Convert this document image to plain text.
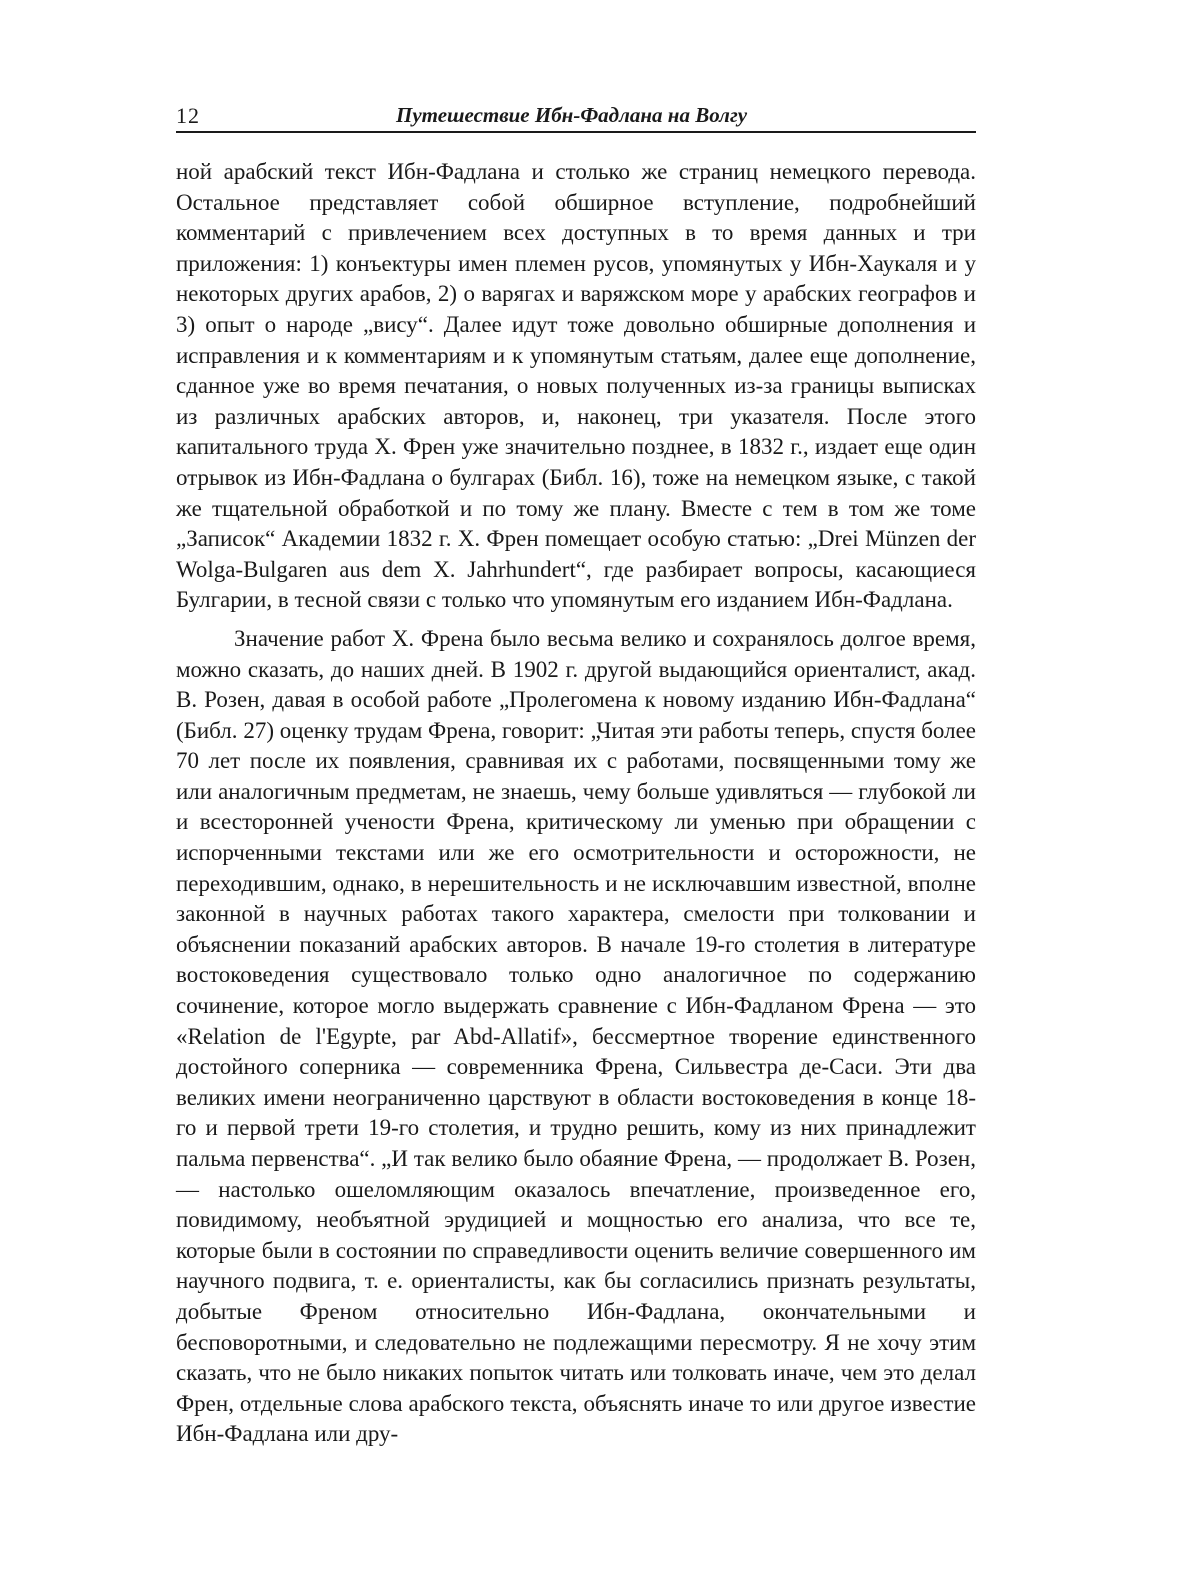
12	Путешествие Ибн-Фадлана на Волгу

ной арабский текст Ибн-Фадлана и столько же страниц немецкого перевода. Остальное представляет собой обширное вступление, подробнейший комментарий с привлечением всех доступных в то время данных и три приложения: 1) конъектуры имен племен русов, упомянутых у Ибн-Хаукаля и у некоторых других арабов, 2) о варягах и варяжском море у арабских географов и 3) опыт о народе „вису“. Далее идут тоже довольно обширные дополнения и исправления и к комментариям и к упомянутым статьям, далее еще дополнение, сданное уже во время печатания, о новых полученных из-за границы выписках из различных арабских авторов, и, наконец, три указателя. После этого капитального труда Х. Френ уже значительно позднее, в 1832 г., издает еще один отрывок из Ибн-Фадлана о булгарах (Библ. 16), тоже на немецком языке, с такой же тщательной обработкой и по тому же плану. Вместе с тем в том же томе „Записок“ Академии 1832 г. Х. Френ помещает особую статью: „Drei Münzen der Wolga-Bulgaren aus dem X. Jahrhundert“, где разбирает вопросы, касающиеся Булгарии, в тесной связи с только что упомянутым его изданием Ибн-Фадлана.

Значение работ Х. Френа было весьма велико и сохранялось долгое время, можно сказать, до наших дней. В 1902 г. другой выдающийся ориенталист, акад. В. Розен, давая в особой работе „Пролегомена к новому изданию Ибн-Фадлана“ (Библ. 27) оценку трудам Френа, говорит: „Читая эти работы теперь, спустя более 70 лет после их появления, сравнивая их с работами, посвященными тому же или аналогичным предметам, не знаешь, чему больше удивляться — глубокой ли и всесторонней учености Френа, критическому ли уменью при обращении с испорченными текстами или же его осмотрительности и осторожности, не переходившим, однако, в нерешительность и не исключавшим известной, вполне законной в научных работах такого характера, смелости при толковании и объяснении показаний арабских авторов. В начале 19-го столетия в литературе востоковедения существовало только одно аналогичное по содержанию сочинение, которое могло выдержать сравнение с Ибн-Фадланом Френа — это «Relation de l'Egypte, par Abd-Allatif», бессмертное творение единственного достойного соперника — современника Френа, Сильвестра де-Саси. Эти два великих имени неограниченно царствуют в области востоковедения в конце 18-го и первой трети 19-го столетия, и трудно решить, кому из них принадлежит пальма первенства“. „И так велико было обаяние Френа, — продолжает В. Розен, — настолько ошеломляющим оказалось впечатление, произведенное его, повидимому, необъятной эрудицией и мощностью его анализа, что все те, которые были в состоянии по справедливости оценить величие совершенного им научного подвига, т. е. ориенталисты, как бы согласились признать результаты, добытые Френом относительно Ибн-Фадлана, окончательными и бесповоротными, и следовательно не подлежащими пересмотру. Я не хочу этим сказать, что не было никаких попыток читать или толковать иначе, чем это делал Френ, отдельные слова арабского текста, объяснять иначе то или другое известие Ибн-Фадлана или дру-
